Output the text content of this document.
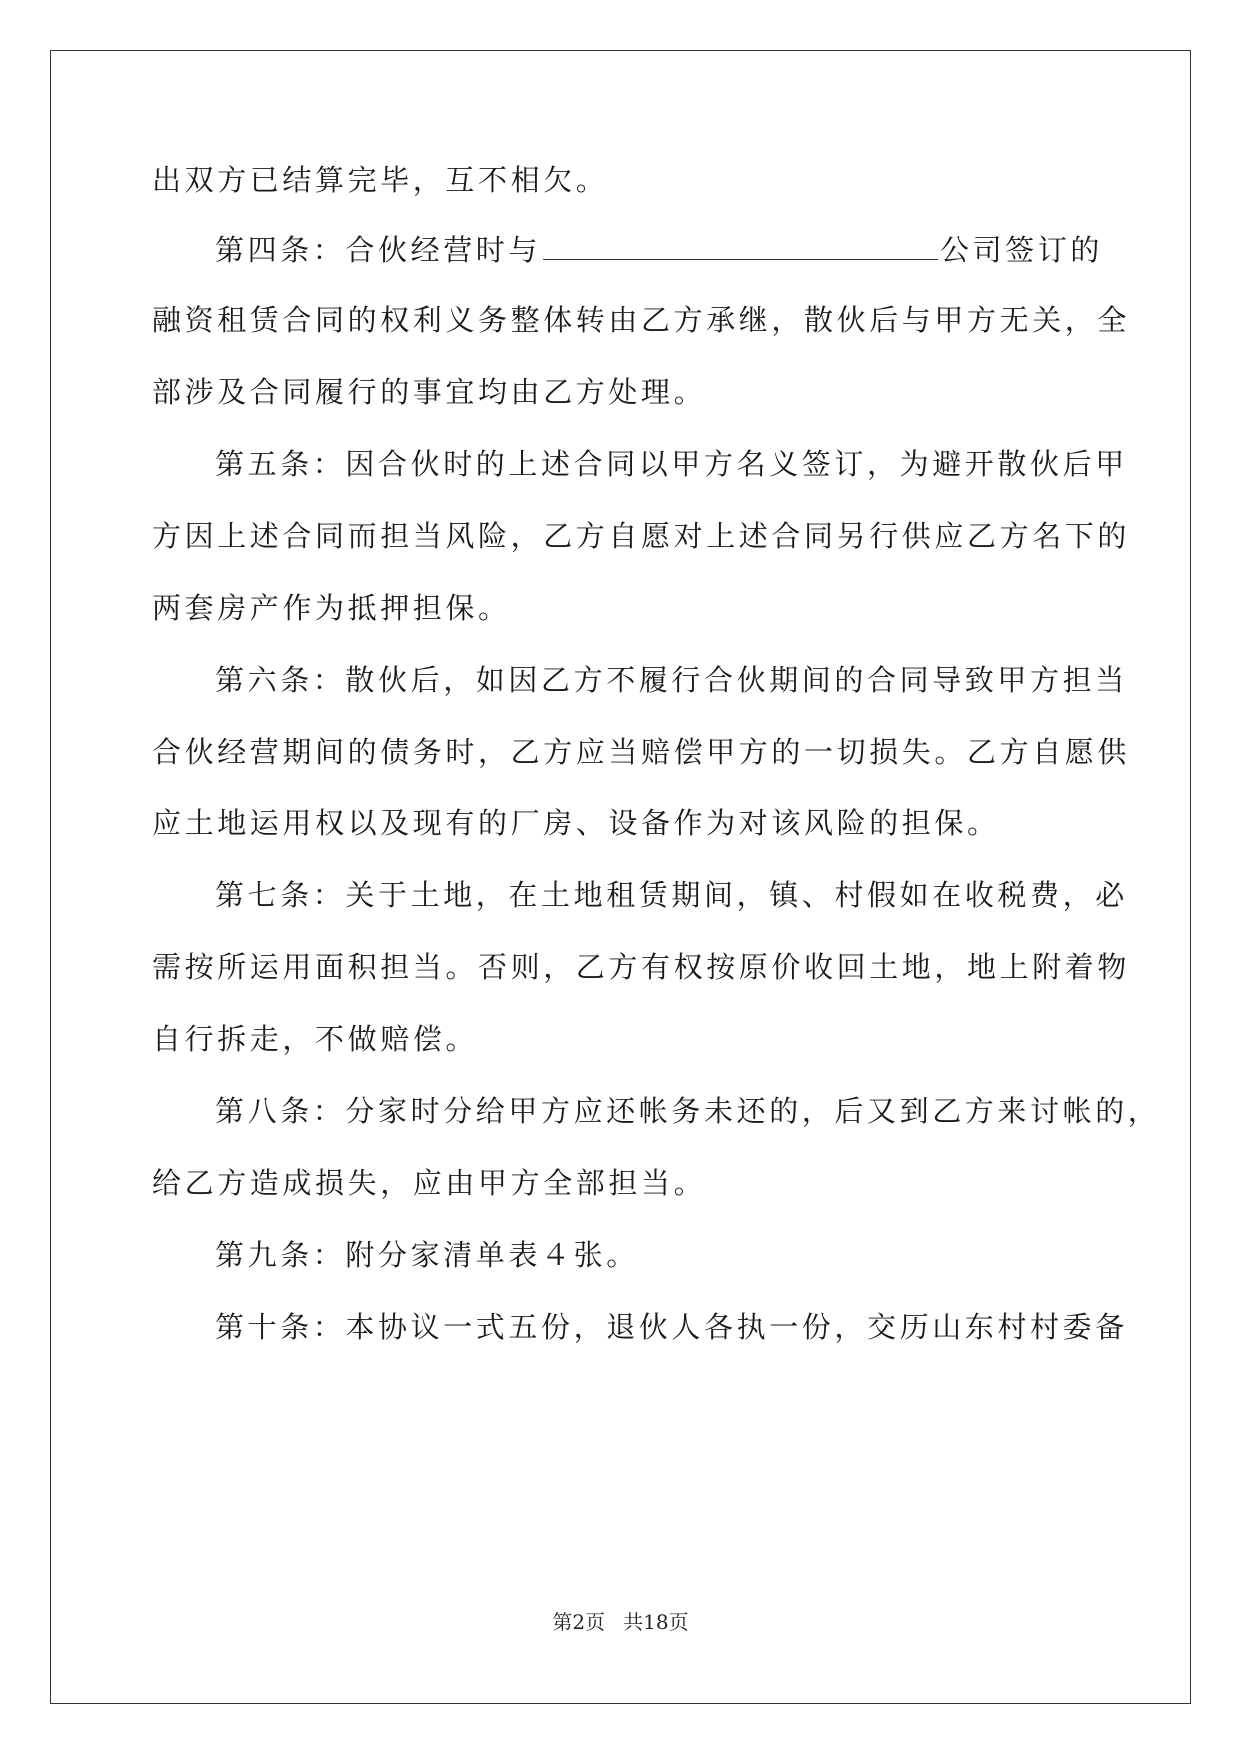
出双方已结算完毕，互不相欠。
第四条：合伙经营时与	公司签订的
融资租赁合同的权利义务整体转由乙方承继，散伙后与甲方无关，全
部涉及合同履行的事宜均由乙方处理。
第五条：因合伙时的上述合同以甲方名义签订，为避开散伙后甲
方因上述合同而担当风险，乙方自愿对上述合同另行供应乙方名下的
两套房产作为抵押担保。
第六条：散伙后，如因乙方不履行合伙期间的合同导致甲方担当
合伙经营期间的债务时，乙方应当赔偿甲方的一切损失。乙方自愿供
应土地运用权以及现有的厂房、设备作为对该风险的担保。
第七条：关于土地，在土地租赁期间，镇、村假如在收税费，必
需按所运用面积担当。否则，乙方有权按原价收回土地，地上附着物
自行拆走，不做赔偿。
第八条：分家时分给甲方应还帐务未还的，后又到乙方来讨帐的，
给乙方造成损失，应由甲方全部担当。
第九条：附分家清单表４张。
第十条：本协议一式五份，退伙人各执一份，交历山东村村委备
第2页 共18页
